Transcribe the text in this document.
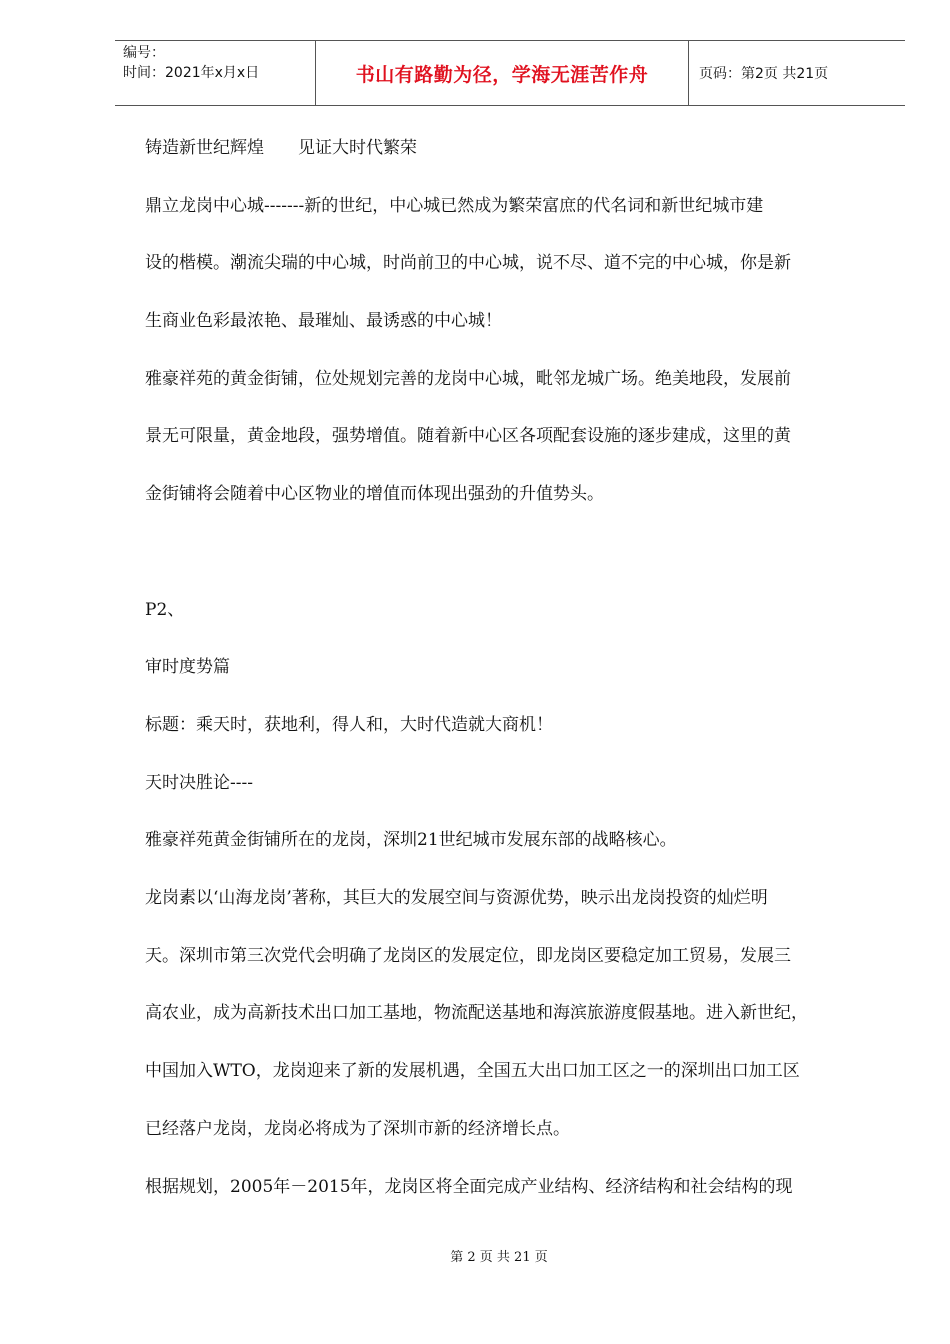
编号：
时间：2021年x月x日	书山有路勤为径，学海无涯苦作舟	页码：第2页 共21页
铸造新世纪辉煌　　见证大时代繁荣
鼎立龙岗中心城-------新的世纪，中心城已然成为繁荣富庶的代名词和新世纪城市建
设的楷模。潮流尖瑞的中心城，时尚前卫的中心城，说不尽、道不完的中心城，你是新
生商业色彩最浓艳、最璀灿、最诱惑的中心城！
雅豪祥苑的黄金街铺，位处规划完善的龙岗中心城，毗邻龙城广场。绝美地段，发展前
景无可限量，黄金地段，强势增值。随着新中心区各项配套设施的逐步建成，这里的黄
金街铺将会随着中心区物业的增值而体现出强劲的升值势头。
P2、
审时度势篇
标题：乘天时，获地利，得人和，大时代造就大商机！
天时决胜论----
雅豪祥苑黄金街铺所在的龙岗，深圳21世纪城市发展东部的战略核心。
龙岗素以‘山海龙岗’著称，其巨大的发展空间与资源优势，映示出龙岗投资的灿烂明
天。深圳市第三次党代会明确了龙岗区的发展定位，即龙岗区要稳定加工贸易，发展三
高农业，成为高新技术出口加工基地，物流配送基地和海滨旅游度假基地。进入新世纪，
中国加入WTO，龙岗迎来了新的发展机遇，全国五大出口加工区之一的深圳出口加工区
已经落户龙岗，龙岗必将成为了深圳市新的经济增长点。
根据规划，2005年－2015年，龙岗区将全面完成产业结构、经济结构和社会结构的现
第 2 页 共 21 页
